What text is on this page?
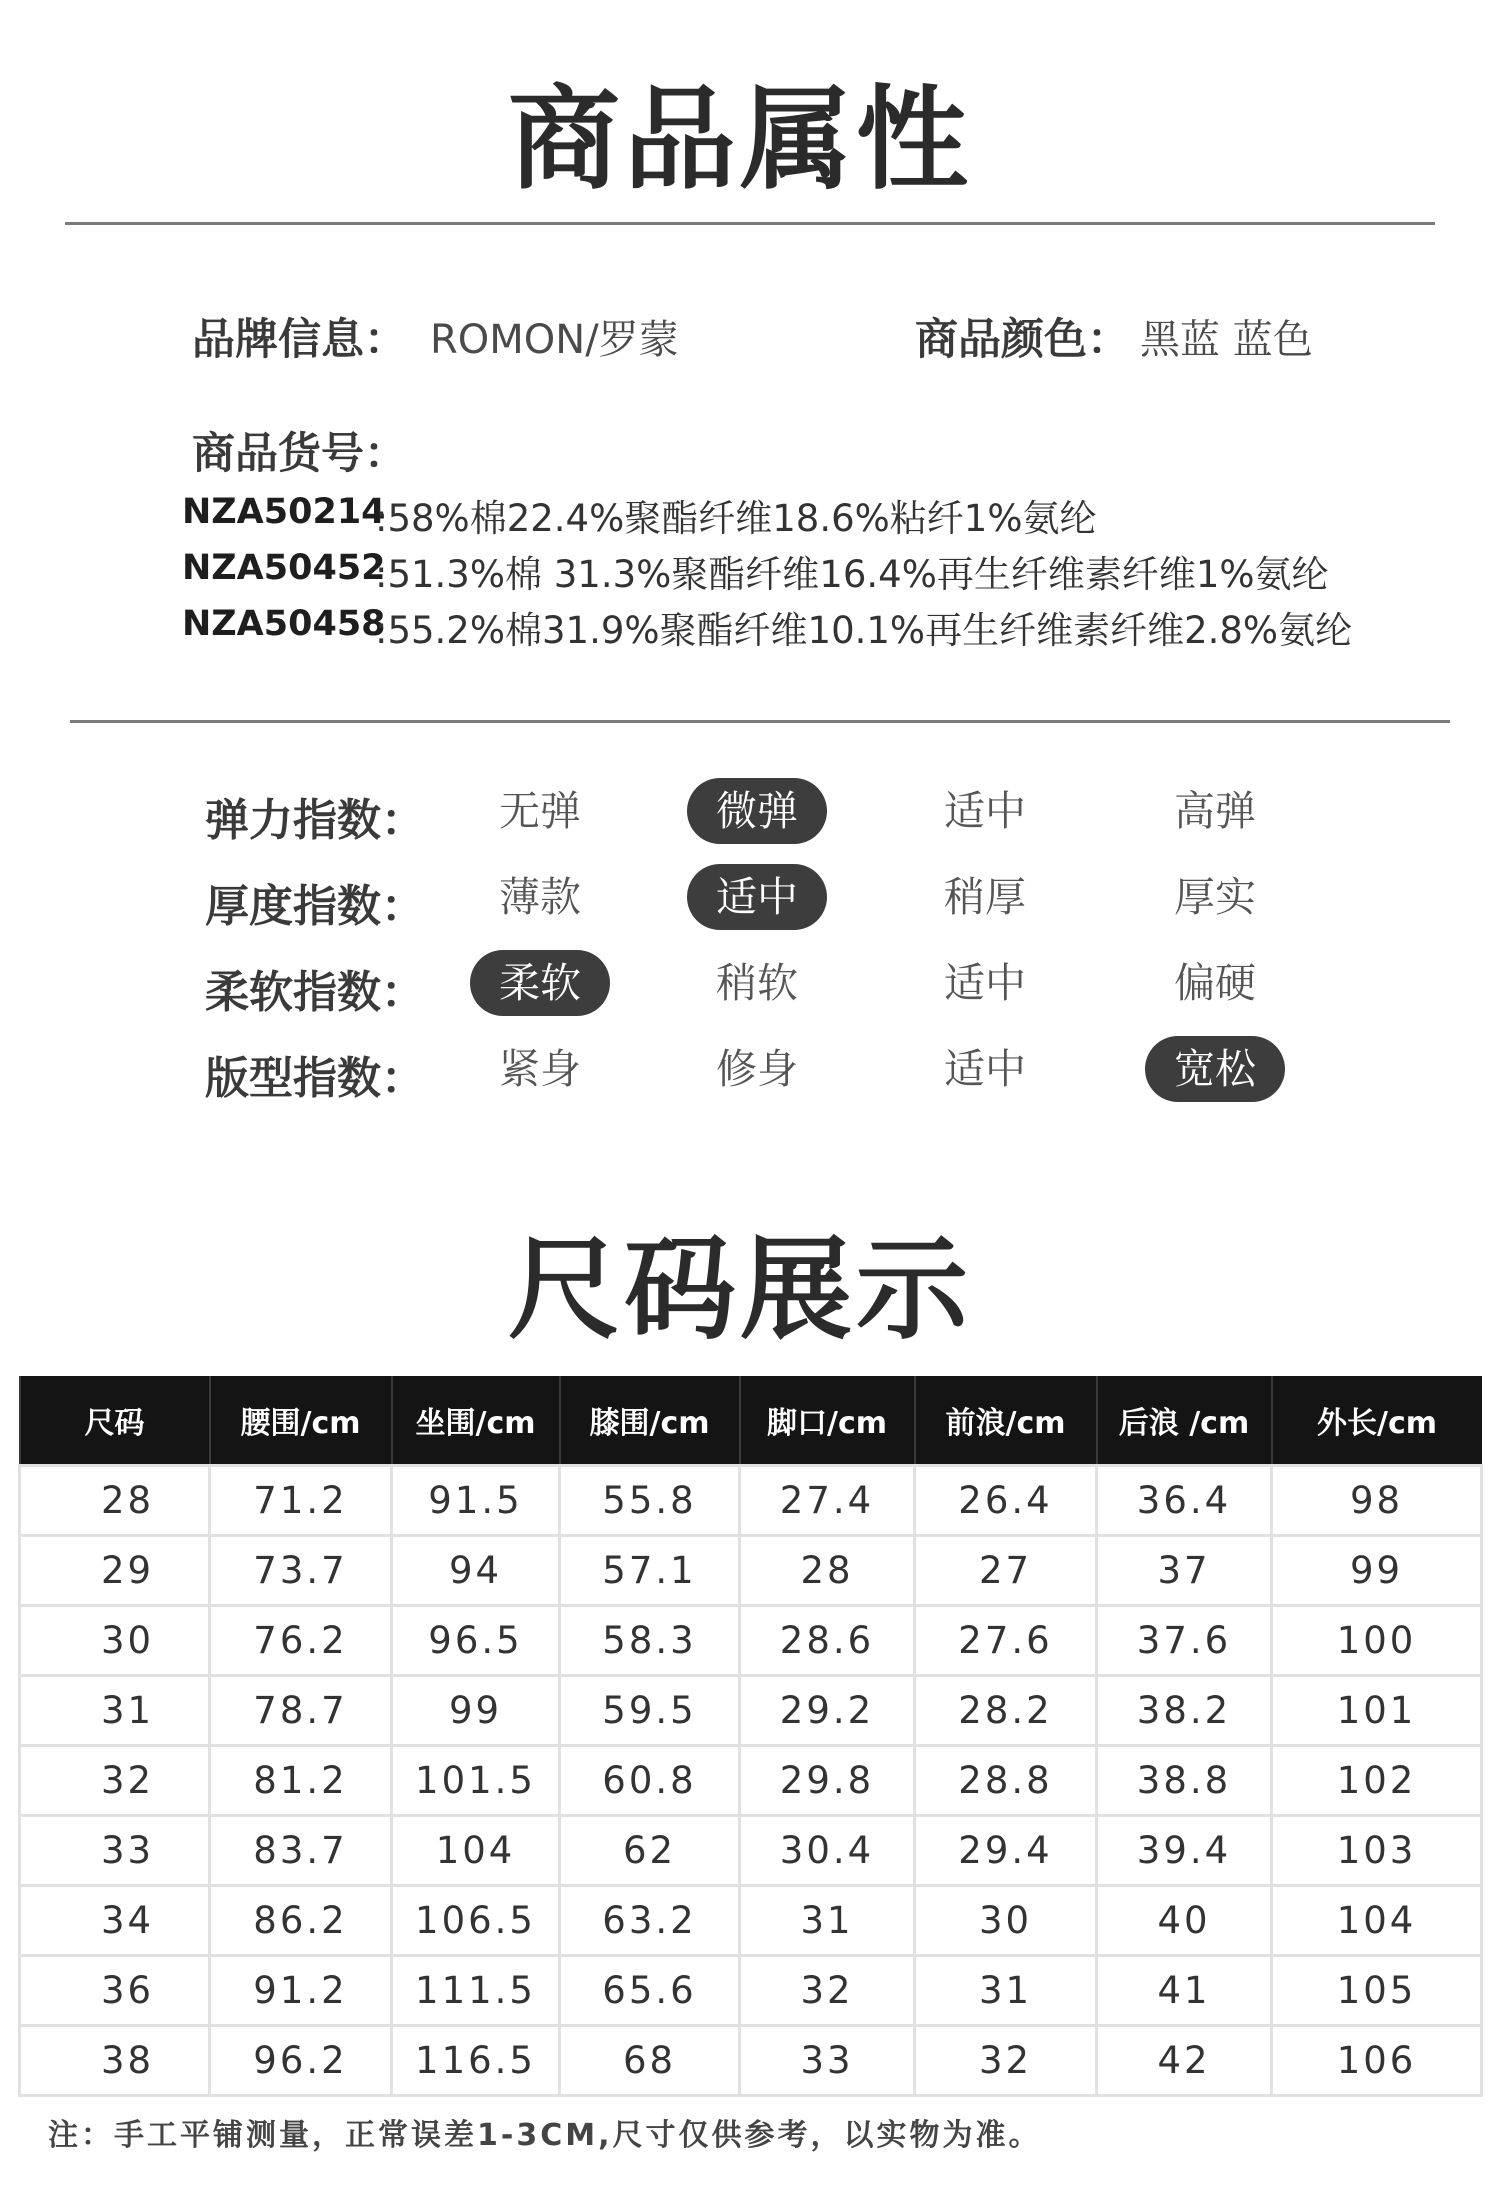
商品属性
品牌信息： ROMON/罗蒙	商品颜色： 黑蓝 蓝色
商品货号：
NZA50214
:58%棉22.4%聚酯纤维18.6%粘纤1%氨纶
NZA50452
:51.3%棉 31.3%聚酯纤维16.4%再生纤维素纤维1%氨纶
NZA50458
:55.2%棉31.9%聚酯纤维10.1%再生纤维素纤维2.8%氨纶
弹力指数：	无弹	微弹	适中	高弹
厚度指数：	薄款	适中	稍厚	厚实
柔软指数：	柔软	稍软	适中	偏硬
版型指数：	紧身	修身	适中	宽松
尺码展示
尺码	腰围/cm	坐围/cm	膝围/cm	脚口/cm	前浪/cm	后浪 /cm	外长/cm
28	71.2	91.5	55.8	27.4	26.4	36.4	98
29	73.7	94	57.1	28	27	37	99
30	76.2	96.5	58.3	28.6	27.6	37.6	100
31	78.7	99	59.5	29.2	28.2	38.2	101
32	81.2	101.5	60.8	29.8	28.8	38.8	102
33	83.7	104	62	30.4	29.4	39.4	103
34	86.2	106.5	63.2	31	30	40	104
36	91.2	111.5	65.6	32	31	41	105
38	96.2	116.5	68	33	32	42	106
注：手工平铺测量，正常误差1-3CM,尺寸仅供参考，以实物为准。
